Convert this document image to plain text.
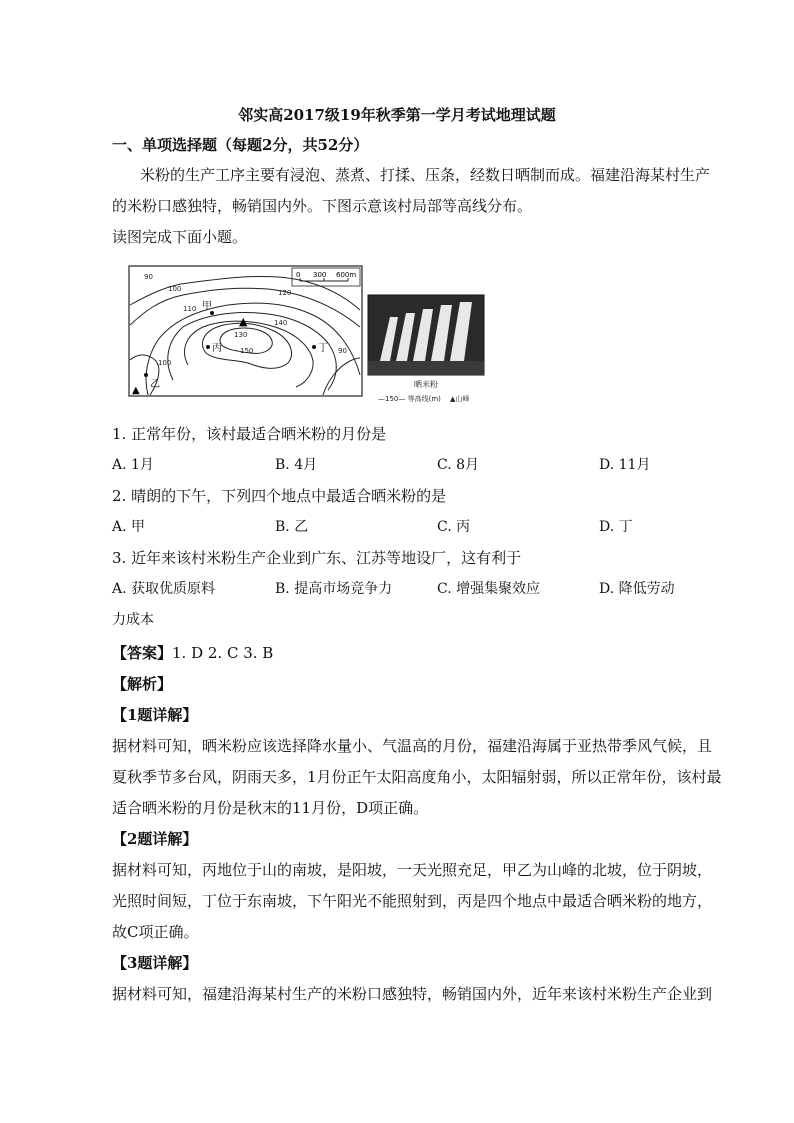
邻实高2017级19年秋季第一学月考试地理试题
一、单项选择题（每题2分，共52分）
米粉的生产工序主要有浸泡、蒸煮、打揉、压条，经数日晒制而成。福建沿海某村生产
的米粉口感独特，畅销国内外。下图示意该村局部等高线分布。
读图完成下面小题。
0 300 600m
90
100
110
120
130
140
150	90
100
▲
▲
甲
丙
乙
丁
晒米粉
—150— 等高线(m) ▲山峰
1. 正常年份，该村最适合晒米粉的月份是
A. 1月	B. 4月	C. 8月	D. 11月
2. 晴朗的下午，下列四个地点中最适合晒米粉的是
A. 甲	B. 乙	C. 丙	D. 丁
3. 近年来该村米粉生产企业到广东、江苏等地设厂，这有利于
A. 获取优质原料	B. 提高市场竞争力	C. 增强集聚效应	D. 降低劳动
力成本
【答案】1. D 2. C 3. B
【解析】
【1题详解】
据材料可知，晒米粉应该选择降水量小、气温高的月份，福建沿海属于亚热带季风气候，且
夏秋季节多台风，阴雨天多，1月份正午太阳高度角小，太阳辐射弱，所以正常年份，该村最
适合晒米粉的月份是秋末的11月份，D项正确。
【2题详解】
据材料可知，丙地位于山的南坡，是阳坡，一天光照充足，甲乙为山峰的北坡，位于阴坡，
光照时间短，丁位于东南坡，下午阳光不能照射到，丙是四个地点中最适合晒米粉的地方，
故C项正确。
【3题详解】
据材料可知，福建沿海某村生产的米粉口感独特，畅销国内外，近年来该村米粉生产企业到
